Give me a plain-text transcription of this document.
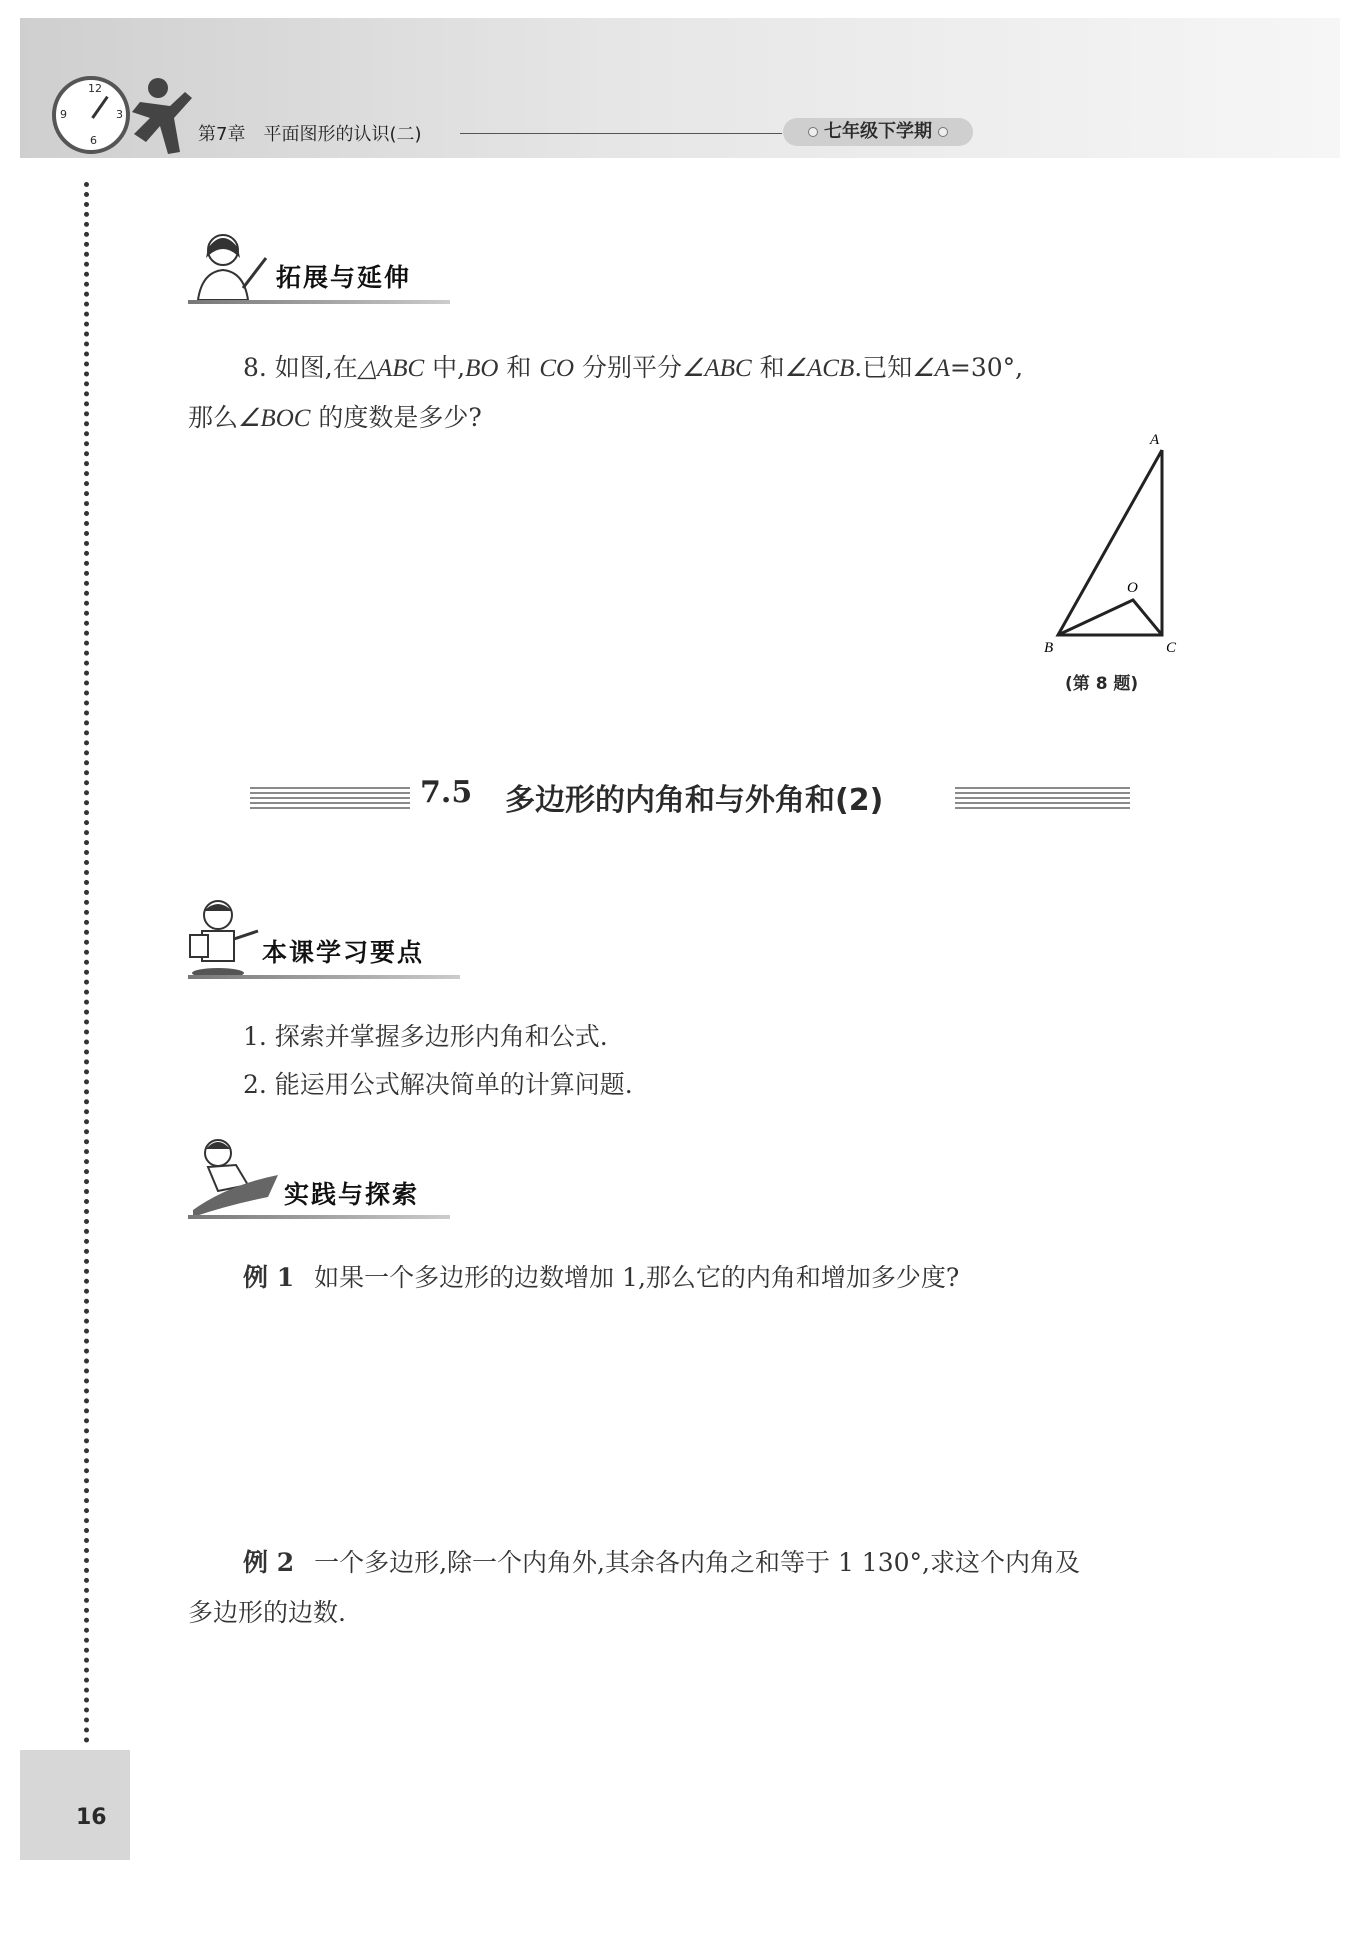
12
3
6
9
第7章 平面图形的认识(二)	七年级下学期
拓展与延伸
8. 如图,在△ABC 中,BO 和 CO 分别平分∠ABC 和∠ACB.已知∠A=30°,
那么∠BOC 的度数是多少?
A
B	C
O
(第 8 题)
7.5 多边形的内角和与外角和(2)
本课学习要点
1. 探索并掌握多边形内角和公式.
2. 能运用公式解决简单的计算问题.
实践与探索
例 1 如果一个多边形的边数增加 1,那么它的内角和增加多少度?
例 2 一个多边形,除一个内角外,其余各内角之和等于 1 130°,求这个内角及
多边形的边数.
16
